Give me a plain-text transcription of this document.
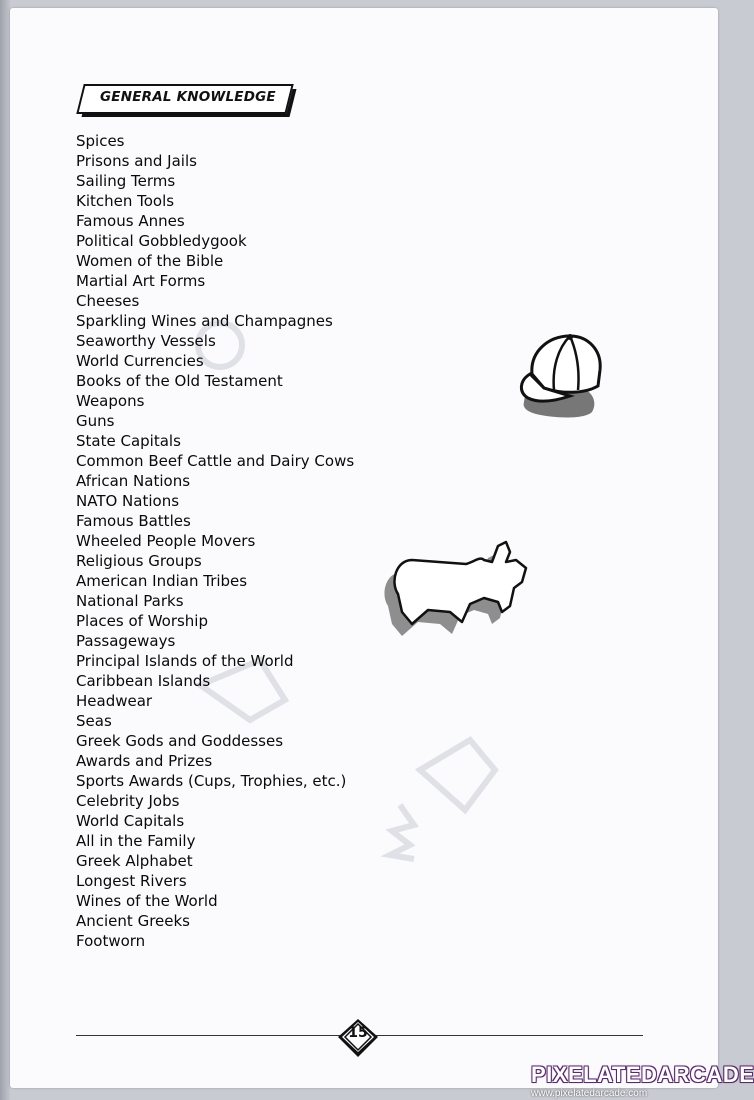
GENERAL KNOWLEDGE
Spices
Prisons and Jails
Sailing Terms
Kitchen Tools
Famous Annes
Political Gobbledygook
Women of the Bible
Martial Art Forms
Cheeses
Sparkling Wines and Champagnes
Seaworthy Vessels
World Currencies
Books of the Old Testament
Weapons
Guns
State Capitals
Common Beef Cattle and Dairy Cows
African Nations
NATO Nations
Famous Battles
Wheeled People Movers
Religious Groups
American Indian Tribes
National Parks
Places of Worship
Passageways
Principal Islands of the World
Caribbean Islands
Headwear
Seas
Greek Gods and Goddesses
Awards and Prizes
Sports Awards (Cups, Trophies, etc.)
Celebrity Jobs
World Capitals
All in the Family
Greek Alphabet
Longest Rivers
Wines of the World
Ancient Greeks
Footworn
15
PIXELATEDARCADE
www.pixelatedarcade.com
